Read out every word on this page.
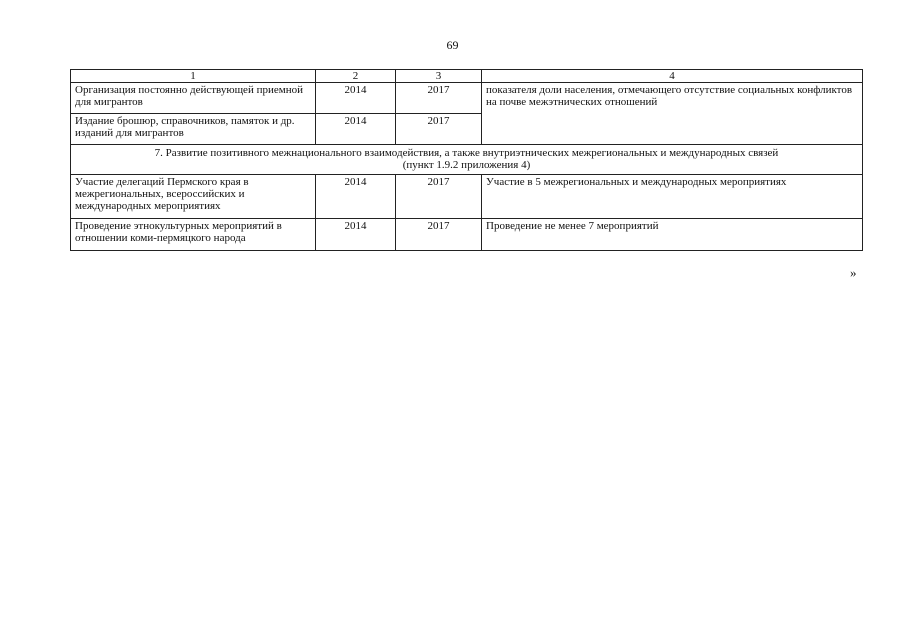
69
1	2	3	4
Организация постоянно действующей приемной для мигрантов	2014	2017	показателя доли населения, отмечающего отсутствие социальных конфликтов на почве межэтнических отношений
Издание брошюр, справочников, памяток и др. изданий для мигрантов	2014	2017	

7. Развитие позитивного межнационального взаимодействия, а также внутриэтнических межрегиональных и международных связей
(пункт 1.9.2 приложения 4)			

Участие делегаций Пермского края в межрегиональных, всероссийских и международных мероприятиях	2014	2017	Участие в 5 межрегиональных и международных мероприятиях
Проведение этнокультурных мероприятий в отношении коми-пермяцкого народа	2014	2017	Проведение не менее 7 мероприятий
»
